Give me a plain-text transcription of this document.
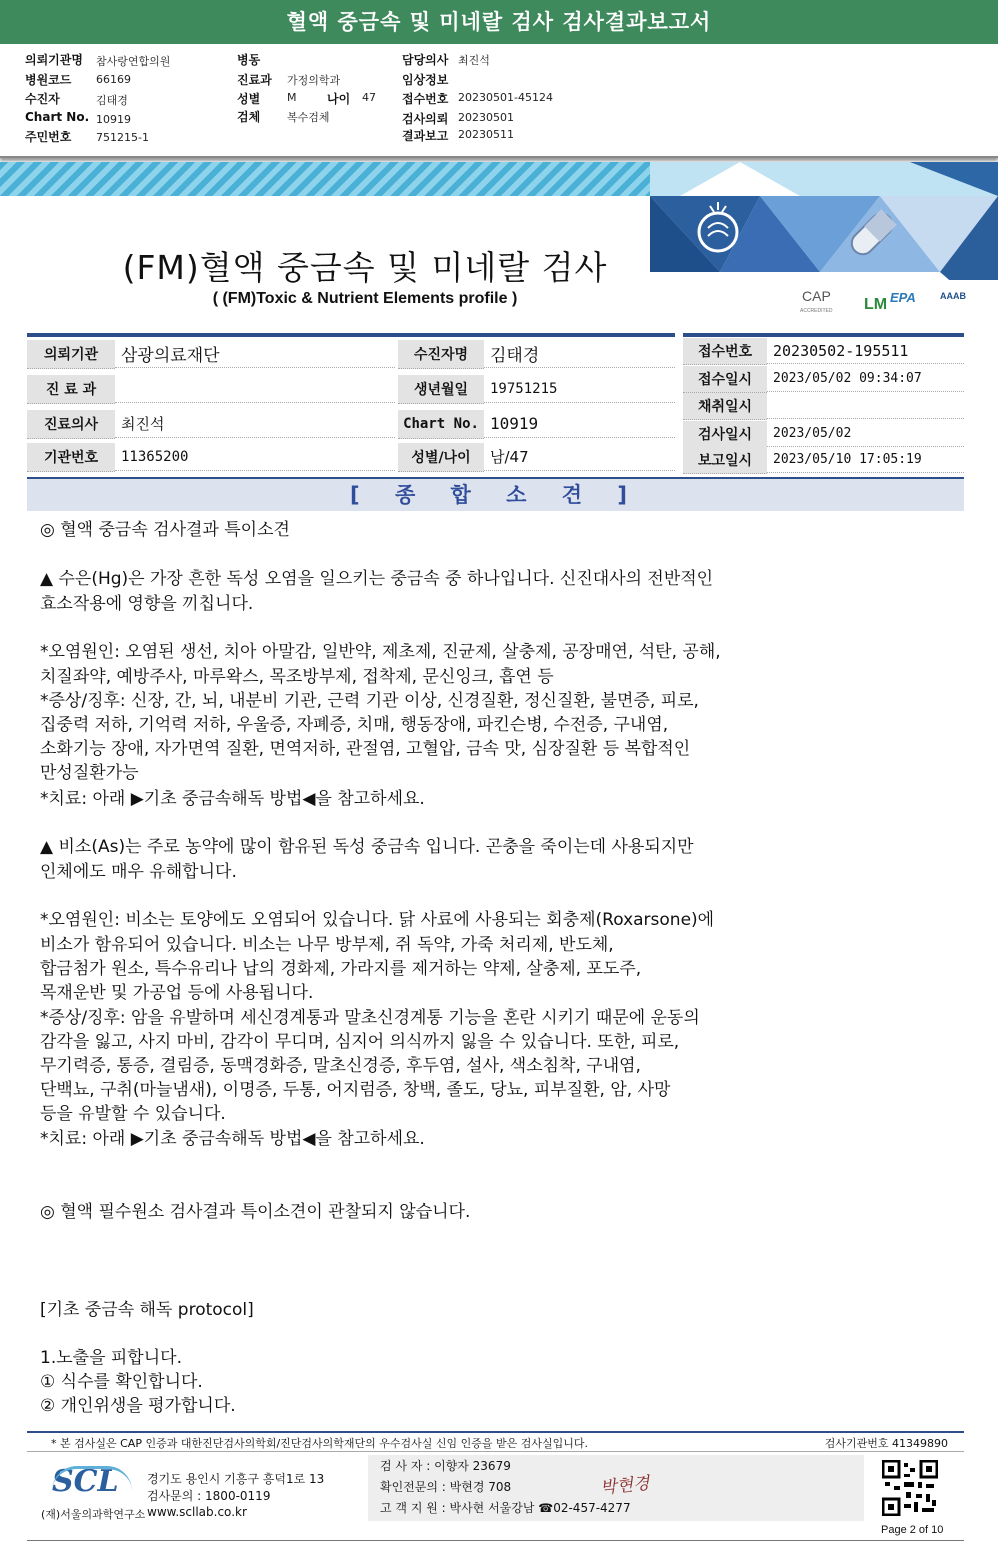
혈액 중금속 및 미네랄 검사 검사결과보고서
의뢰기관명 참사랑연합의원
병원코드 66169
수진자	김태경
Chart No. 10919
주민번호 751215-1
병동
진료과 가정의학과
성별 M	나이 47
검체 복수검체
담당의사 최진석
임상정보
접수번호 20230501-45124
검사의뢰 20230501
결과보고 20230511
CAP
ACCREDITED LM EPA	AAAB
(FM)혈액 중금속 및 미네랄 검사
( (FM)Toxic & Nutrient Elements profile )
의뢰기관	삼광의료재단
진 료 과
진료의사	최진석
기관번호	11365200
수진자명	김태경
생년월일	19751215
Chart No. 10919
성별/나이	남/47
접수번호	20230502-195511
접수일시	2023/05/02 09:34:07
채취일시
검사일시	2023/05/02
보고일시	2023/05/10 17:05:19
[ 종 합 소 견 ]
◎ 혈액 중금속 검사결과 특이소견
▲ 수은(Hg)은 가장 흔한 독성 오염을 일으키는 중금속 중 하나입니다. 신진대사의 전반적인
효소작용에 영향을 끼칩니다.
*오염원인: 오염된 생선, 치아 아말감, 일반약, 제초제, 진균제, 살충제, 공장매연, 석탄, 공해,
치질좌약, 예방주사, 마루왁스, 목조방부제, 접착제, 문신잉크, 흡연 등
*증상/징후: 신장, 간, 뇌, 내분비 기관, 근력 기관 이상, 신경질환, 정신질환, 불면증, 피로,
집중력 저하, 기억력 저하, 우울증, 자폐증, 치매, 행동장애, 파킨슨병, 수전증, 구내염,
소화기능 장애, 자가면역 질환, 면역저하, 관절염, 고혈압, 금속 맛, 심장질환 등 복합적인
만성질환가능
*치료: 아래 ▶기초 중금속해독 방법◀을 참고하세요.
▲ 비소(As)는 주로 농약에 많이 함유된 독성 중금속 입니다. 곤충을 죽이는데 사용되지만
인체에도 매우 유해합니다.
*오염원인: 비소는 토양에도 오염되어 있습니다. 닭 사료에 사용되는 회충제(Roxarsone)에
비소가 함유되어 있습니다. 비소는 나무 방부제, 쥐 독약, 가죽 처리제, 반도체,
합금첨가 원소, 특수유리나 납의 경화제, 가라지를 제거하는 약제, 살충제, 포도주,
목재운반 및 가공업 등에 사용됩니다.
*증상/징후: 암을 유발하며 세신경계통과 말초신경계통 기능을 혼란 시키기 때문에 운동의
감각을 잃고, 사지 마비, 감각이 무디며, 심지어 의식까지 잃을 수 있습니다. 또한, 피로,
무기력증, 통증, 결림증, 동맥경화증, 말초신경증, 후두염, 설사, 색소침착, 구내염,
단백뇨, 구취(마늘냄새), 이명증, 두통, 어지럼증, 창백, 졸도, 당뇨, 피부질환, 암, 사망
등을 유발할 수 있습니다.
*치료: 아래 ▶기초 중금속해독 방법◀을 참고하세요.
◎ 혈액 필수원소 검사결과 특이소견이 관찰되지 않습니다.
[기초 중금속 해독 protocol]
1.노출을 피합니다.
① 식수를 확인합니다.
② 개인위생을 평가합니다.
* 본 검사실은 CAP 인증과 대한진단검사의학회/진단검사의학재단의 우수검사실 신임 인증을 받은 검사실입니다.	검사기관번호 41349890
SCL
(재)서울의과학연구소
경기도 용인시 기흥구 흥덕1로 13
검사문의 : 1800-0119
www.scllab.co.kr
검 사 자 : 이향자 23679
확인전문의 : 박현경 708
고 객 지 원 : 박사현 서울강남 ☎02-457-4277
박현경
Page 2 of 10
